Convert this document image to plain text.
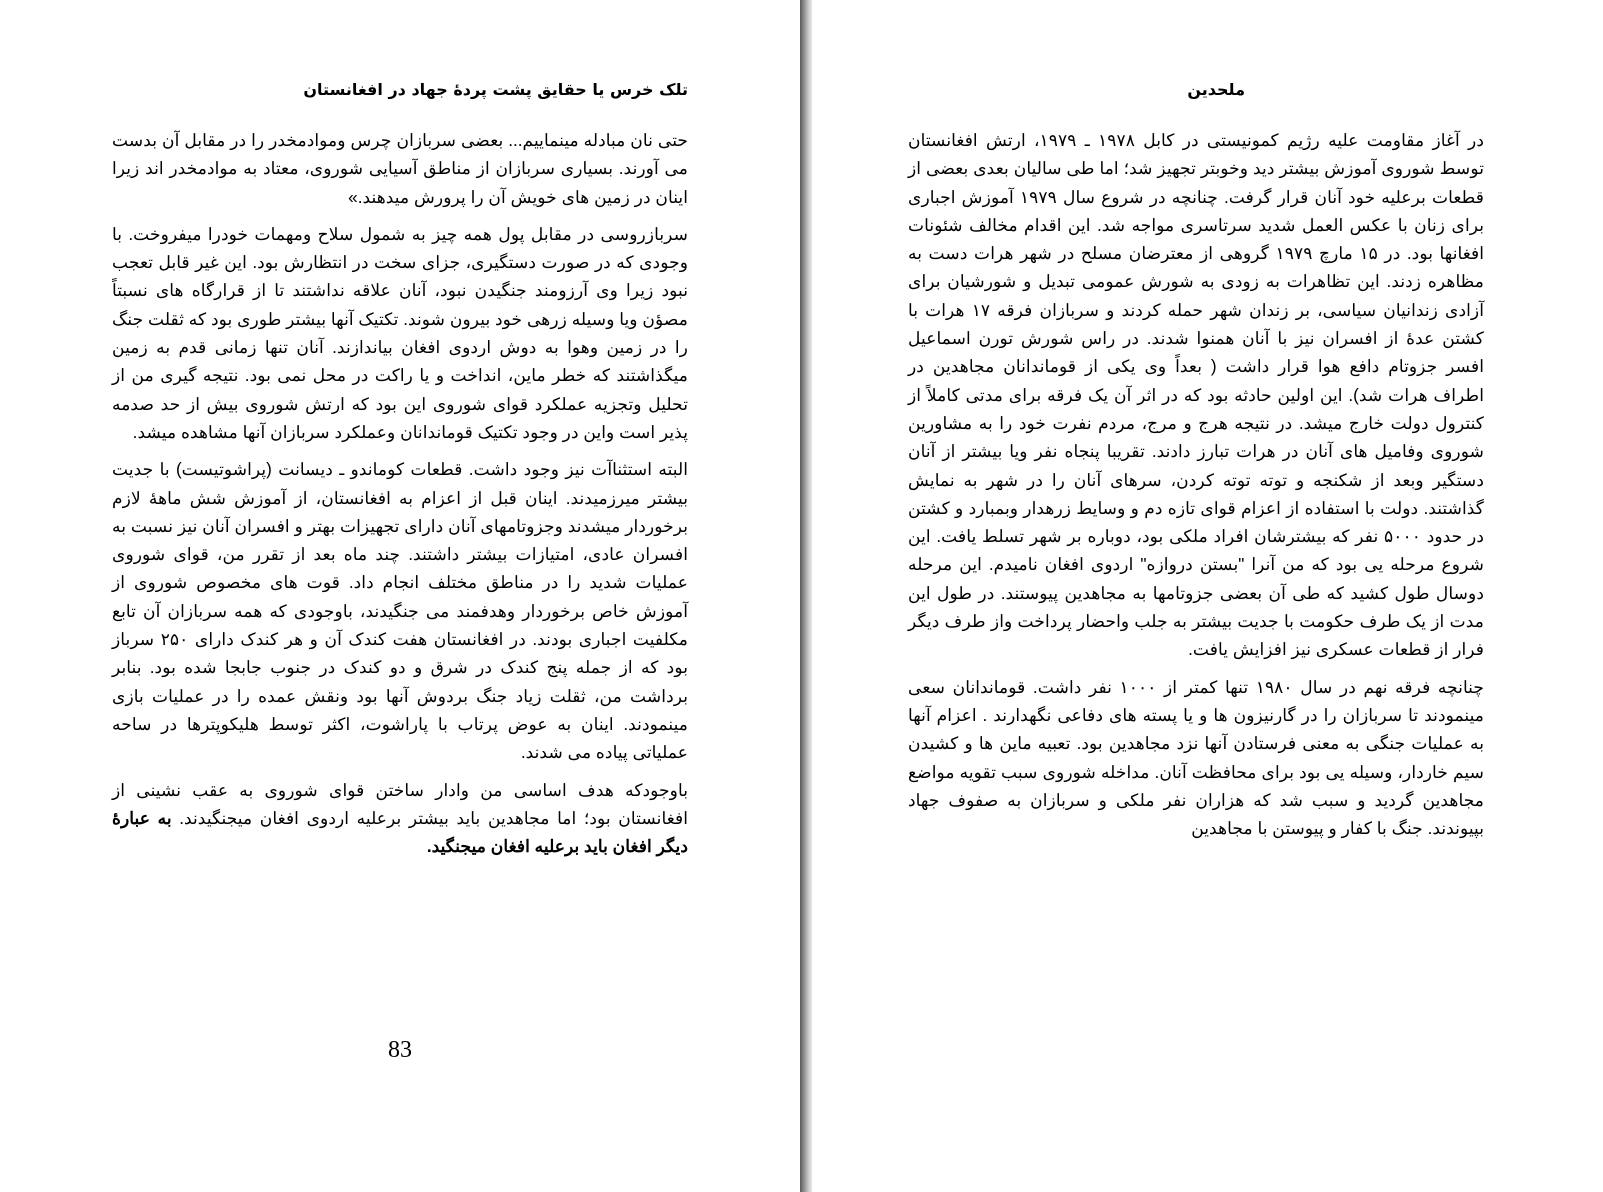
تلک خرس یا حقایق پشت پردهٔ جهاد در افغانستان

حتی نان مبادله مینماییم... بعضی سربازان چرس وموادمخدر را در مقابل آن بدست می آورند. بسیاری سربازان از مناطق آسیایی شوروی، معتاد به موادمخدر اند زیرا اینان در زمین های خویش آن را پرورش میدهند.»

سربازروسی در مقابل پول همه چیز به شمول سلاح ومهمات خودرا میفروخت. با وجودی که در صورت دستگیری، جزای سخت در انتظارش بود. این غیر قابل تعجب نبود زیرا وی آرزومند جنگیدن نبود، آنان علاقه نداشتند تا از قرارگاه های نسبتاً مصؤن ویا وسیله زرهی خود بیرون شوند. تکتیک آنها بیشتر طوری بود که ثقلت جنگ را در زمین وهوا به دوش اردوی افغان بیاندازند. آنان تنها زمانی قدم به زمین میگذاشتند که خطر ماین، انداخت و یا راکت در محل نمی بود. نتیجه گیری من از تحلیل وتجزیه عملکرد قوای شوروی این بود که ارتش شوروی بیش از حد صدمه پذیر است واین در وجود تکتیک قوماندانان وعملکرد سربازان آنها مشاهده میشد.

البته استثناآت نیز وجود داشت. قطعات کوماندو ـ دیسانت (پراشوتیست) با جدیت بیشتر میرزمیدند. اینان قبل از اعزام به افغانستان، از آموزش شش ماههٔ لازم برخوردار میشدند وجزوتامهای آنان دارای تجهیزات بهتر و افسران آنان نیز نسبت به افسران عادی، امتیازات بیشتر داشتند. چند ماه بعد از تقرر من، قوای شوروی عملیات شدید را در مناطق مختلف انجام داد. قوت های مخصوص شوروی از آموزش خاص برخوردار وهدفمند می جنگیدند، باوجودی که همه سربازان آن تابع مکلفیت اجباری بودند. در افغانستان هفت کندک آن و هر کندک دارای ۲۵۰ سرباز بود که از جمله پنج کندک در شرق و دو کندک در جنوب جابجا شده بود. بنابر برداشت من، ثقلت زیاد جنگ بردوش آنها بود ونقش عمده را در عملیات بازی مینمودند. اینان به عوض پرتاب با پاراشوت، اکثر توسط هلیکوپترها در ساحه عملیاتی پیاده می شدند.

باوجودکه هدف اساسی من وادار ساختن قوای شوروی به عقب نشینی از افغانستان بود؛ اما مجاهدین باید بیشتر برعلیه اردوی افغان میجنگیدند. به عبارهٔ دیگر افغان باید برعلیه افغان میجنگید.

83
ملحدین

در آغاز مقاومت علیه رژیم کمونیستی در کابل ۱۹۷۸ ـ ۱۹۷۹، ارتش افغانستان توسط شوروی آموزش بیشتر دید وخوبتر تجهیز شد؛ اما طی سالیان بعدی بعضی از قطعات برعلیه خود آنان قرار گرفت. چنانچه در شروع سال ۱۹۷۹ آموزش اجباری برای زنان با عکس العمل شدید سرتاسری مواجه شد. این اقدام مخالف شئونات افغانها بود. در ۱۵ مارچ ۱۹۷۹ گروهی از معترضان مسلح در شهر هرات دست به مظاهره زدند. این تظاهرات به زودی به شورش عمومی تبدیل و شورشیان برای آزادی زندانیان سیاسی، بر زندان شهر حمله کردند و سربازان فرقه ۱۷ هرات با کشتن عدهٔ از افسران نیز با آنان همنوا شدند. در راس شورش تورن اسماعیل افسر جزوتام دافع هوا قرار داشت ( بعداً وی یکی از قوماندانان مجاهدین در اطراف هرات شد). این اولین حادثه بود که در اثر آن یک فرقه برای مدتی کاملاً از کنترول دولت خارج میشد. در نتیجه هرج و مرج، مردم نفرت خود را به مشاورین شوروی وفامیل های آنان در هرات تبارز دادند. تقریبا پنجاه نفر ویا بیشتر از آنان دستگیر وبعد از شکنجه و توته توته کردن، سرهای آنان را در شهر به نمایش گذاشتند. دولت با استفاده از اعزام قوای تازه دم و وسایط زرهدار وبمبارد و کشتن در حدود ۵۰۰۰ نفر که بیشترشان افراد ملکی بود، دوباره بر شهر تسلط یافت. این شروع مرحله یی بود که من آنرا "بستن دروازه" اردوی افغان نامیدم. این مرحله دوسال طول کشید که طی آن بعضی جزوتامها به مجاهدین پیوستند. در طول این مدت از یک طرف حکومت با جدیت بیشتر به جلب واحضار پرداخت واز طرف دیگر فرار از قطعات عسکری نیز افزایش یافت.

چنانچه فرقه نهم در سال ۱۹۸۰ تنها کمتر از ۱۰۰۰ نفر داشت. قوماندانان سعی مینمودند تا سربازان را در گارنیزون ها و یا پسته های دفاعی نگهدارند . اعزام آنها به عملیات جنگی به معنی فرستادن آنها نزد مجاهدین بود. تعبیه ماین ها و کشیدن سیم خاردار، وسیله یی بود برای محافظت آنان. مداخله شوروی سبب تقویه مواضع مجاهدین گردید و سبب شد که هزاران نفر ملکی و سربازان به صفوف جهاد بپیوندند. جنگ با کفار و پیوستن با مجاهدین
